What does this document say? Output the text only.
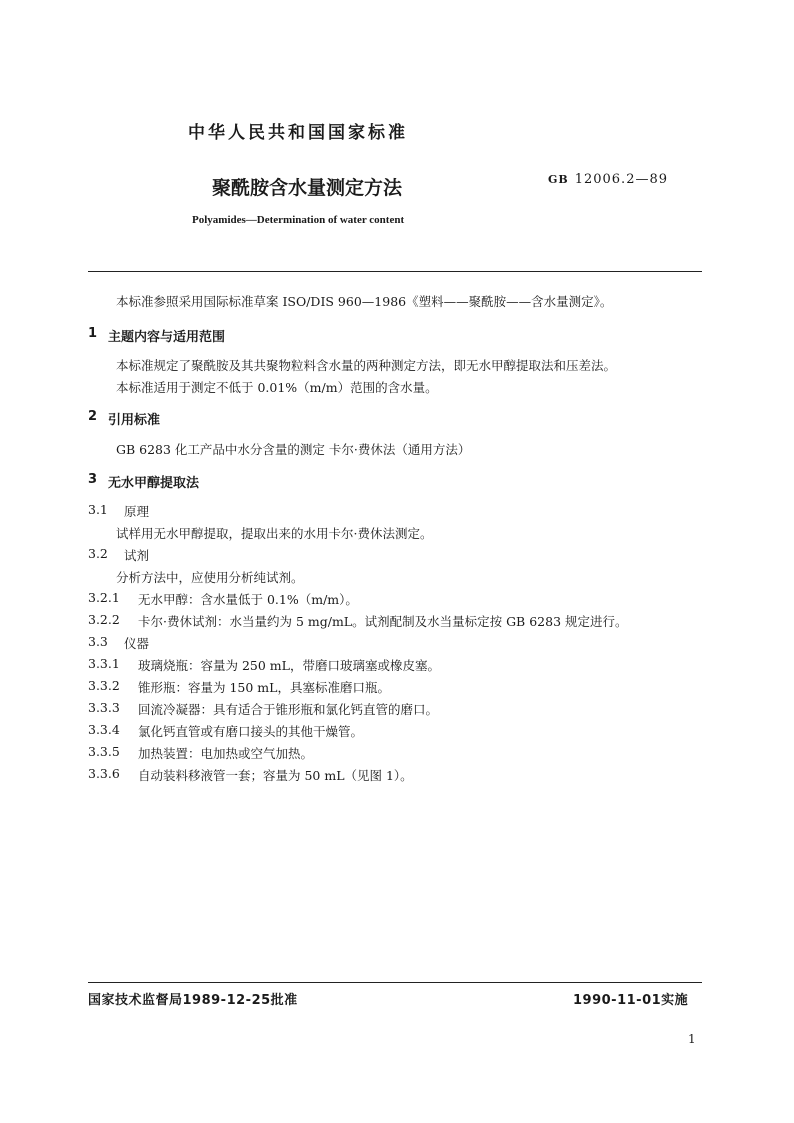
中华人民共和国国家标准
聚酰胺含水量测定方法	GB 12006.2—89
Polyamides—Determination of water content
本标准参照采用国际标准草案 ISO/DIS 960—1986《塑料——聚酰胺——含水量测定》。
1 主题内容与适用范围
本标准规定了聚酰胺及其共聚物粒料含水量的两种测定方法，即无水甲醇提取法和压差法。
本标准适用于测定不低于 0.01%（m/m）范围的含水量。
2 引用标准
GB 6283 化工产品中水分含量的测定 卡尔·费休法（通用方法）
3 无水甲醇提取法
3.1 原理
试样用无水甲醇提取，提取出来的水用卡尔·费休法测定。
3.2 试剂
分析方法中，应使用分析纯试剂。
3.2.1 无水甲醇：含水量低于 0.1%（m/m）。
3.2.2 卡尔·费休试剂：水当量约为 5 mg/mL。试剂配制及水当量标定按 GB 6283 规定进行。
3.3 仪器
3.3.1 玻璃烧瓶：容量为 250 mL，带磨口玻璃塞或橡皮塞。
3.3.2 锥形瓶：容量为 150 mL，具塞标准磨口瓶。
3.3.3 回流冷凝器：具有适合于锥形瓶和氯化钙直管的磨口。
3.3.4 氯化钙直管或有磨口接头的其他干燥管。
3.3.5 加热装置：电加热或空气加热。
3.3.6 自动装料移液管一套；容量为 50 mL（见图 1）。
国家技术监督局1989-12-25批准	1990-11-01实施
1
